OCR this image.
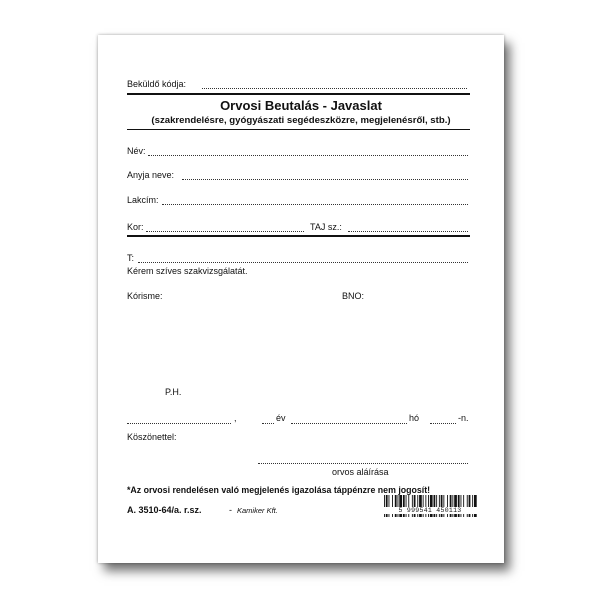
Beküldő kódja:
Orvosi Beutalás - Javaslat
(szakrendelésre, gyógyászati segédeszközre, megjelenésről, stb.)
Név:
Anyja neve:
Lakcím:
Kor:	TAJ sz.:
T:
Kérem szíves szakvizsgálatát.
Kórisme:	BNO:
P.H.
,	év	hó	-n.
Köszönettel:
orvos aláírása
*Az orvosi rendelésen való megjelenés igazolása táppénzre nem jogosít!
A. 3510-64/a. r.sz.	- Kamiker Kft.	5 999541 450113
